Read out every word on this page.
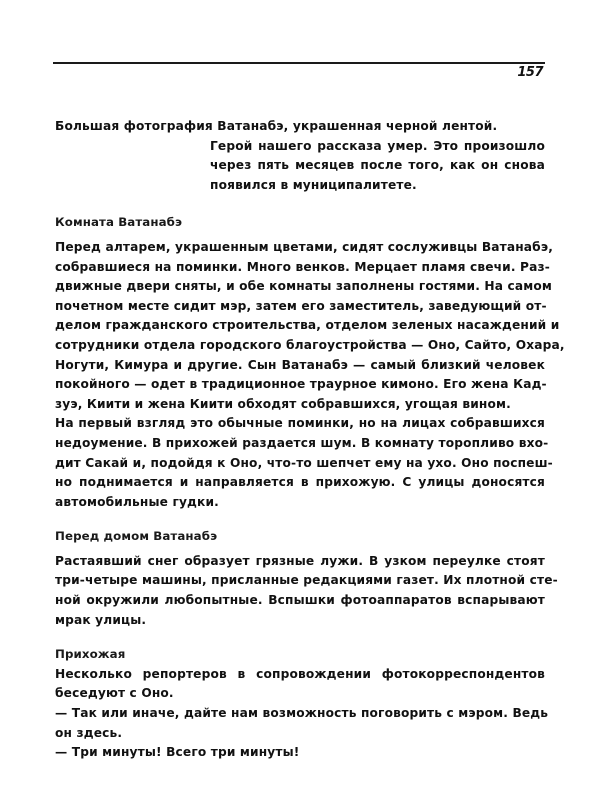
157
Большая фотография Ватанабэ, украшенная черной лентой.
Герой нашего рассказа умер. Это произошло
через пять месяцев после того, как он снова
появился в муниципалитете.
Комната Ватанабэ
Перед алтарем, украшенным цветами, сидят сослуживцы Ватанабэ,
собравшиеся на поминки. Много венков. Мерцает пламя свечи. Раз-
движные двери сняты, и обе комнаты заполнены гостями. На самом
почетном месте сидит мэр, затем его заместитель, заведующий от-
делом гражданского строительства, отделом зеленых насаждений и
сотрудники отдела городского благоустройства — Оно, Сайто, Охара,
Ногути, Кимура и другие. Сын Ватанабэ — самый близкий человек
покойного — одет в традиционное траурное кимоно. Его жена Кад-
зуэ, Киити и жена Киити обходят собравшихся, угощая вином.
На первый взгляд это обычные поминки, но на лицах собравшихся
недоумение. В прихожей раздается шум. В комнату торопливо вхо-
дит Сакай и, подойдя к Оно, что-то шепчет ему на ухо. Оно поспеш-
но поднимается и направляется в прихожую. С улицы доносятся
автомобильные гудки.
Перед домом Ватанабэ
Растаявший снег образует грязные лужи. В узком переулке стоят
три-четыре машины, присланные редакциями газет. Их плотной сте-
ной окружили любопытные. Вспышки фотоаппаратов вспарывают
мрак улицы.
Прихожая
Несколько репортеров в сопровождении фотокорреспондентов
беседуют с Оно.
— Так или иначе, дайте нам возможность поговорить с мэром. Ведь
он здесь.
— Три минуты! Всего три минуты!
